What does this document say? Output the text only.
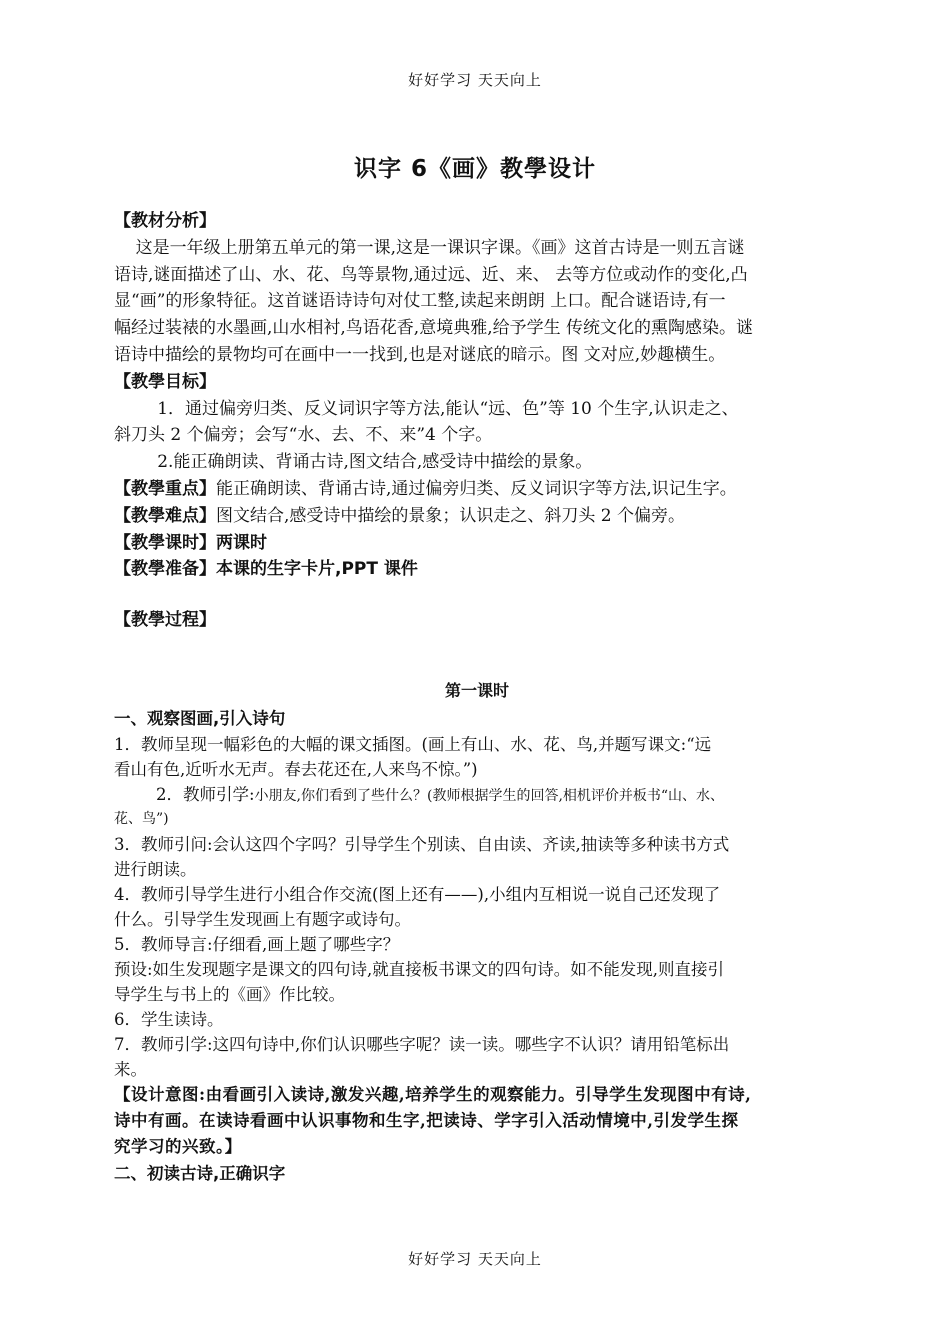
好好学习 天天向上
识字 6《画》教學设计
【教材分析】
这是一年级上册第五单元的第一课,这是一课识字课。《画》这首古诗是一则五言谜
语诗,谜面描述了山、水、花、鸟等景物,通过远、近、来、 去等方位或动作的变化,凸
显“画”的形象特征。这首谜语诗诗句对仗工整,读起来朗朗 上口。配合谜语诗,有一
幅经过装裱的水墨画,山水相衬,鸟语花香,意境典雅,给予学生 传统文化的熏陶感染。谜
语诗中描绘的景物均可在画中一一找到,也是对谜底的暗示。图 文对应,妙趣横生。
【教學目标】
1．通过偏旁归类、反义词识字等方法,能认“远、色”等 10 个生字,认识走之、
斜刀头 2 个偏旁；会写“水、去、不、来”4 个字。
2.能正确朗读、背诵古诗,图文结合,感受诗中描绘的景象。
【教學重点】能正确朗读、背诵古诗,通过偏旁归类、反义词识字等方法,识记生字。
【教學难点】图文结合,感受诗中描绘的景象；认识走之、斜刀头 2 个偏旁。
【教學课时】两课时
【教學准备】本课的生字卡片,PPT 课件
【教學过程】
第一课时
一、观察图画,引入诗句
1．教师呈现一幅彩色的大幅的课文插图。(画上有山、水、花、鸟,并题写课文:“远
看山有色,近听水无声。春去花还在,人来鸟不惊。”)
2．教师引学:小朋友,你们看到了些什么？(教师根据学生的回答,相机评价并板书“山、水、
花、鸟”)
3．教师引问:会认这四个字吗？引导学生个别读、自由读、齐读,抽读等多种读书方式
进行朗读。
4．教师引导学生进行小组合作交流(图上还有——),小组内互相说一说自己还发现了
什么。引导学生发现画上有题字或诗句。
5．教师导言:仔细看,画上题了哪些字？
预设:如生发现题字是课文的四句诗,就直接板书课文的四句诗。如不能发现,则直接引
导学生与书上的《画》作比较。
6．学生读诗。
7．教师引学:这四句诗中,你们认识哪些字呢？读一读。哪些字不认识？请用铅笔标出
来。
【设计意图:由看画引入读诗,激发兴趣,培养学生的观察能力。引导学生发现图中有诗,
诗中有画。在读诗看画中认识事物和生字,把读诗、学字引入活动情境中,引发学生探
究学习的兴致。】
二、初读古诗,正确识字
好好学习 天天向上
